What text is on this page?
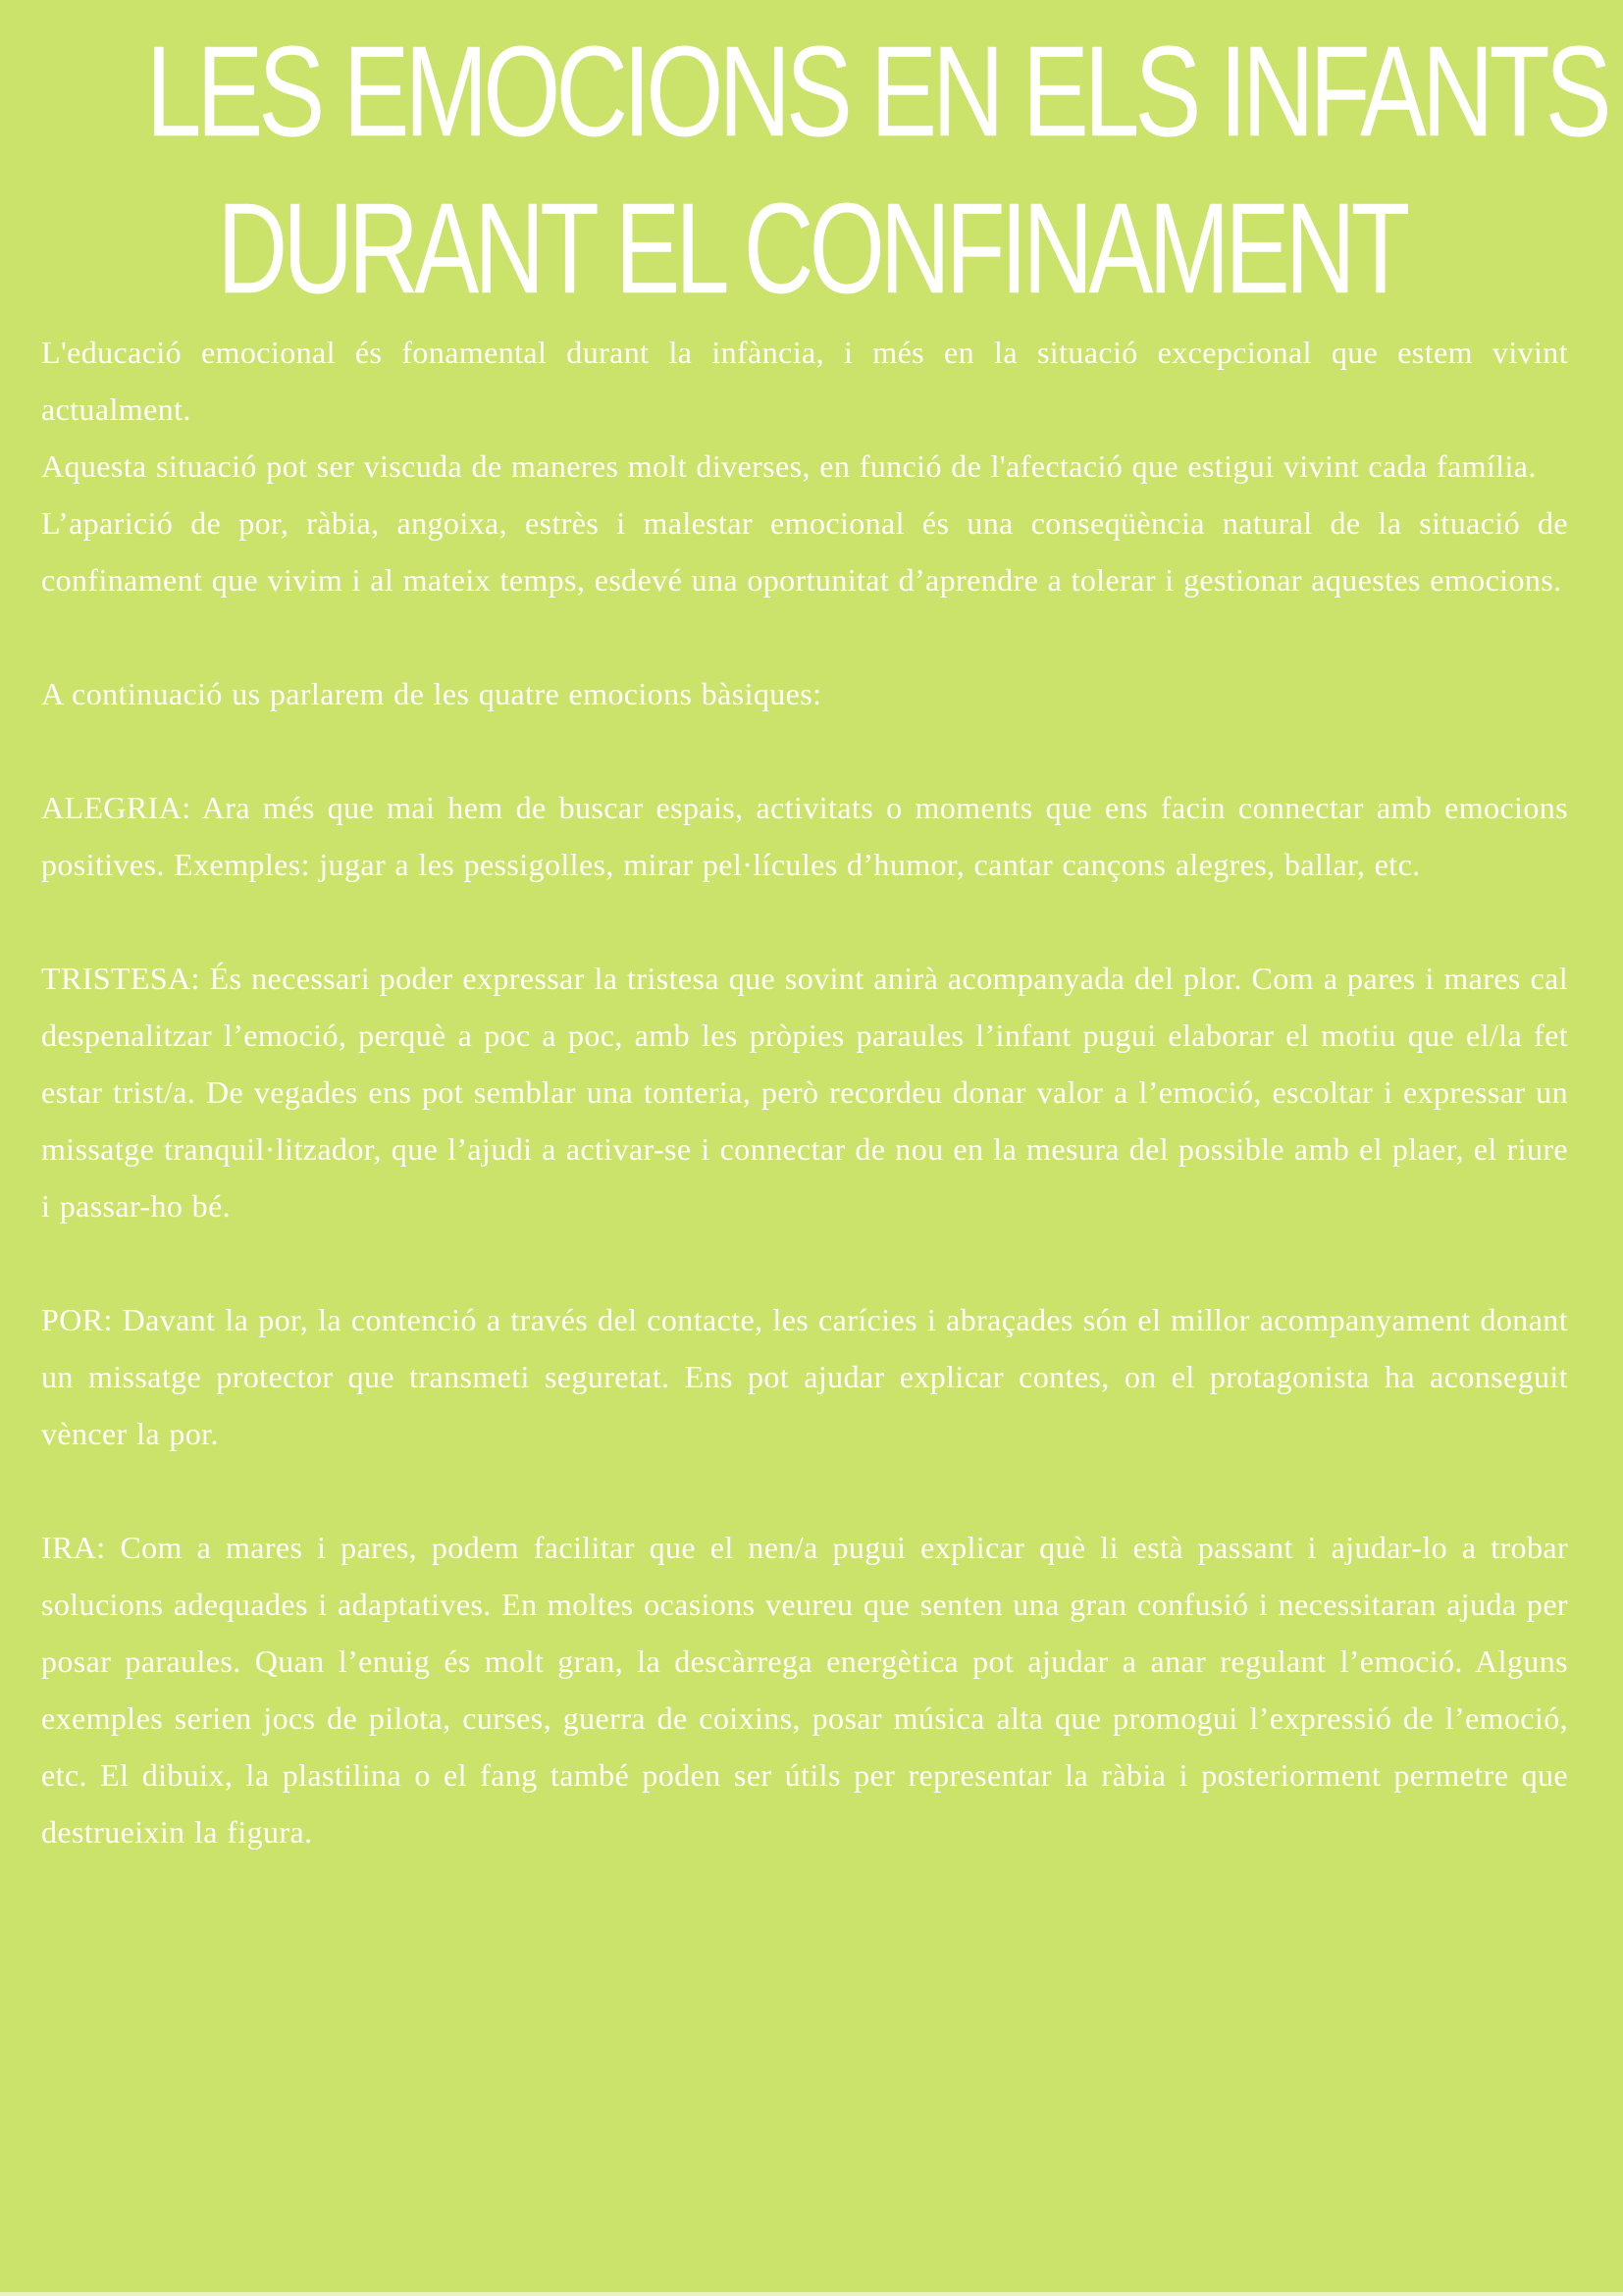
LES EMOCIONS EN ELS INFANTS
DURANT EL CONFINAMENT

L'educació emocional és fonamental durant la infància, i més en la situació excepcional que estem vivint actualment.

Aquesta situació pot ser viscuda de maneres molt diverses, en funció de l'afectació que estigui vivint cada família.

L’aparició de por, ràbia, angoixa, estrès i malestar emocional és una conseqüència natural de la situació de confinament que vivim i al mateix temps, esdevé una oportunitat d’aprendre a tolerar i gestionar aquestes emocions.

A continuació us parlarem de les quatre emocions bàsiques:

ALEGRIA: Ara més que mai hem de buscar espais, activitats o moments que ens facin connectar amb emocions positives. Exemples: jugar a les pessigolles, mirar pel·lícules d’humor, cantar cançons alegres, ballar, etc.

TRISTESA: És necessari poder expressar la tristesa que sovint anirà acompanyada del plor. Com a pares i mares cal despenalitzar l’emoció, perquè a poc a poc, amb les pròpies paraules l’infant pugui elaborar el motiu que el/la fet estar trist/a. De vegades ens pot semblar una tonteria, però recordeu donar valor a l’emoció, escoltar i expressar un missatge tranquil·litzador, que l’ajudi a activar-se i connectar de nou en la mesura del possible amb el plaer, el riure i passar-ho bé.

POR: Davant la por, la contenció a través del contacte, les carícies i abraçades són el millor acompanyament donant un missatge protector que transmeti seguretat. Ens pot ajudar explicar contes, on el protagonista ha aconseguit vèncer la por.

IRA: Com a mares i pares, podem facilitar que el nen/a pugui explicar què li està passant i ajudar-lo a trobar solucions adequades i adaptatives. En moltes ocasions veureu que senten una gran confusió i necessitaran ajuda per posar paraules. Quan l’enuig és molt gran, la descàrrega energètica pot ajudar a anar regulant l’emoció. Alguns exemples serien jocs de pilota, curses, guerra de coixins, posar música alta que promogui l’expressió de l’emoció, etc. El dibuix, la plastilina o el fang també poden ser útils per representar la ràbia i posteriorment permetre que destrueixin la figura.
